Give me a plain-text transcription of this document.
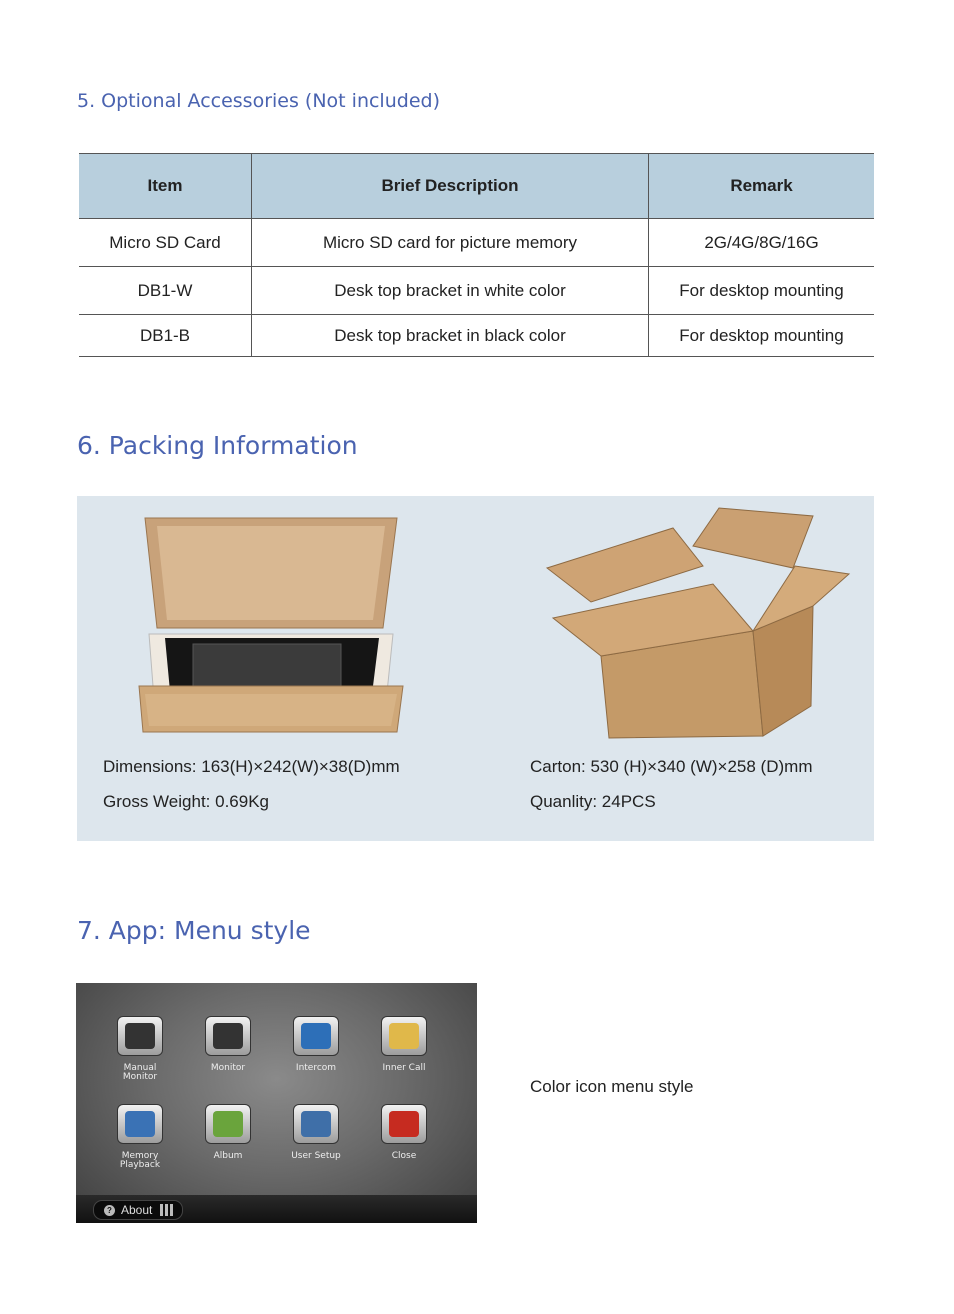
5. Optional Accessories (Not included)
Item	Brief Description	Remark
Micro SD Card	Micro SD card for picture memory	2G/4G/8G/16G
DB1-W	Desk top bracket in white color	For desktop mounting
DB1-B	Desk top bracket in black color	For desktop mounting
6. Packing Information
Dimensions: 163(H)×242(W)×38(D)mm
Gross Weight: 0.69Kg
Carton: 530 (H)×340 (W)×258 (D)mm
Quanlity: 24PCS
7. App: Menu style
Manual Monitor
Monitor	Intercom	Inner Call
Memory Playback
Album	User Setup	Close
? About
Color icon menu style
